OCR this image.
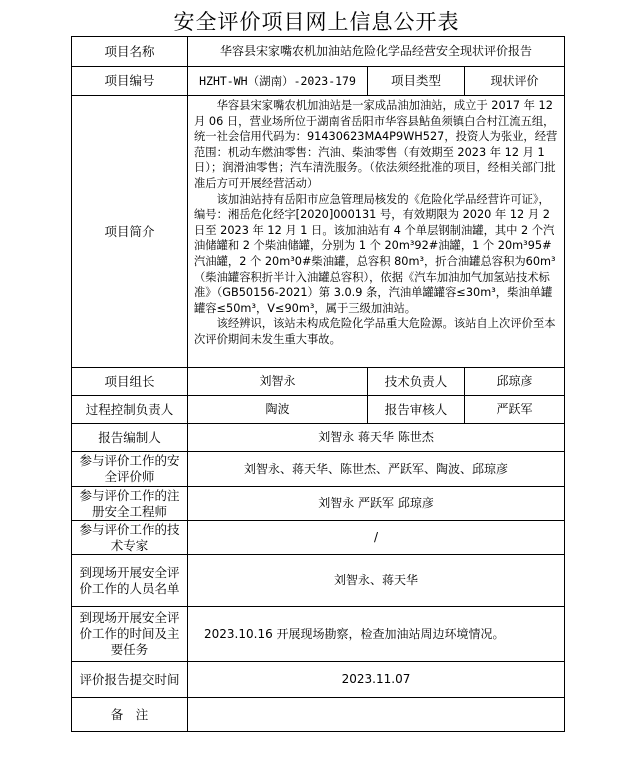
安全评价项目网上信息公开表
项目名称	华容县宋家嘴农机加油站危险化学品经营安全现状评价报告		
项目编号	HZHT-WH（湖南）-2023-179	项目类型	现状评价
项目简介	华容县宋家嘴农机加油站是一家成品油加油站，成立于 2017 年 12 月 06 日，营业场所位于湖南省岳阳市华容县鲇鱼须镇白合村江流五组，统一社会信用代码为：91430623MA4P9WH527，投资人为张业，经营范围：机动车燃油零售：汽油、柴油零售（有效期至 2023 年 12 月 1 日）；润滑油零售；汽车清洗服务。（依法须经批准的项目，经相关部门批准后方可开展经营活动）

该加油站持有岳阳市应急管理局核发的《危险化学品经营许可证》，编号：湘岳危化经字[2020]000131 号，有效期限为 2020 年 12 月 2 日至 2023 年 12 月 1 日。该加油站有 4 个单层钢制油罐，其中 2 个汽油储罐和 2 个柴油储罐，分别为 1 个 20m³92#油罐，1 个 20m³95#汽油罐，2 个 20m³0#柴油罐，总容积 80m³，折合油罐总容积为60m³（柴油罐容积折半计入油罐总容积），依据《汽车加油加气加氢站技术标准》（GB50156-2021）第 3.0.9 条，汽油单罐罐容≤30m³，柴油单罐罐容≤50m³，V≤90m³，属于三级加油站。

该经辨识，该站未构成危险化学品重大危险源。该站自上次评价至本次评价期间未发生重大事故。		

项目组长	刘智永	技术负责人	邱琼彦
过程控制负责人	陶波	报告审核人	严跃军
报告编制人	刘智永 蒋天华 陈世杰		
参与评价工作的安全评价师	刘智永、蒋天华、陈世杰、严跃军、陶波、邱琼彦		
参与评价工作的注册安全工程师	刘智永 严跃军 邱琼彦		
参与评价工作的技术专家	/		
到现场开展安全评价工作的人员名单	刘智永、蒋天华		
到现场开展安全评价工作的时间及主要任务	2023.10.16 开展现场勘察，检查加油站周边环境情况。		
评价报告提交时间	2023.11.07		
备　注			
